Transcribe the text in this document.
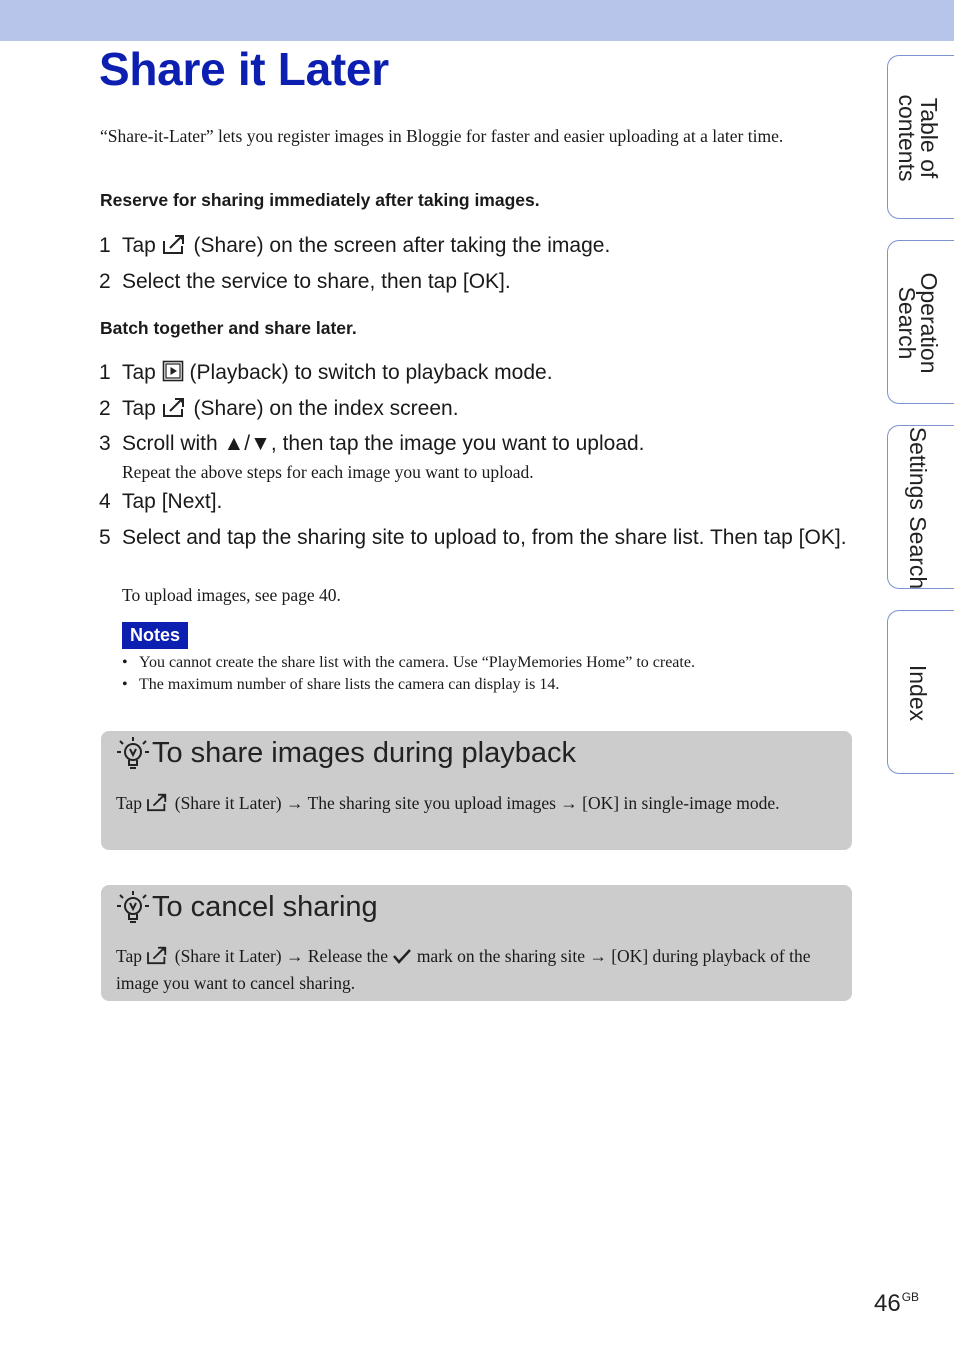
Share it Later

“Share-it-Later” lets you register images in Bloggie for faster and easier uploading at a later time.

Reserve for sharing immediately after taking images.

1 Tap (Share) on the screen after taking the image.
2 Select the service to share, then tap [OK].

Batch together and share later.

1 Tap (Playback) to switch to playback mode.
2 Tap (Share) on the index screen.
3 Scroll with ▲/▼, then tap the image you want to upload.
Repeat the above steps for each image you want to upload.
4 Tap [Next].
5 Select and tap the sharing site to upload to, from the share list. Then tap [OK].
To upload images, see page 40.
Notes
• You cannot create the share list with the camera. Use “PlayMemories Home” to create.
• The maximum number of share lists the camera can display is 14.
To share images during playback
Tap (Share it Later) → The sharing site you upload images → [OK] in single-image mode.
To cancel sharing
Tap (Share it Later) → Release the mark on the sharing site → [OK] during playback of the image you want to cancel sharing.
Table of contents
Operation Search
Settings Search
Index
$46^{GB}$
